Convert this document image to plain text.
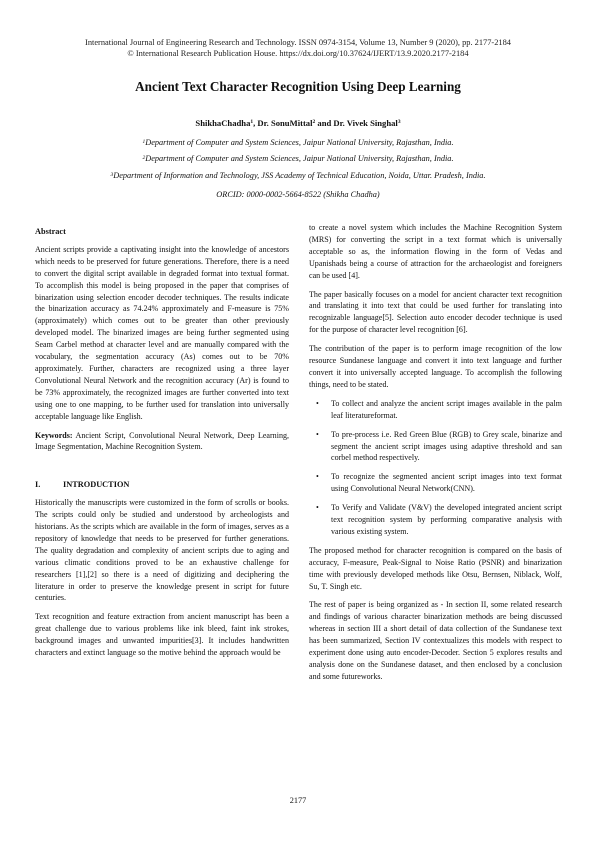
International Journal of Engineering Research and Technology. ISSN 0974-3154, Volume 13, Number 9 (2020), pp. 2177-2184
© International Research Publication House. https://dx.doi.org/10.37624/IJERT/13.9.2020.2177-2184
Ancient Text Character Recognition Using Deep Learning
ShikhaChadha$^1$, Dr. SonuMittal$^2$ and Dr. Vivek Singhal$^3$
$^1$Department of Computer and System Sciences, Jaipur National University, Rajasthan, India.
$^2$Department of Computer and System Sciences, Jaipur National University, Rajasthan, India.
$^3$Department of Information and Technology, JSS Academy of Technical Education, Noida, Uttar. Pradesh, India.
ORCID: 0000-0002-5664-8522 (Shikha Chadha)
Abstract

Ancient scripts provide a captivating insight into the knowledge of ancestors which needs to be preserved for future generations. Therefore, there is a need to convert the digital script available in degraded format into textual format. To accomplish this model is being proposed in the paper that comprises of binarization using selection encoder decoder techniques. The results indicate the binarization accuracy as 74.24% approximately and F-measure is 75% (approximately) which comes out to be greater than other previously developed model. The binarized images are being further segmented using Seam Carbel method at character level and are manually compared with the vocabulary, the segmentation accuracy (As) comes out to be 70% approximately. Further, characters are recognized using a three layer Convolutional Neural Network and the recognition accuracy (Ar) is found to be 73% approximately, the recognized images are further converted into text using one to one mapping, to be further used for translation into universally acceptable language like English.

Keywords: Ancient Script, Convolutional Neural Network, Deep Learning, Image Segmentation, Machine Recognition System.

I.	INTRODUCTION

Historically the manuscripts were customized in the form of scrolls or books. The scripts could only be studied and understood by archeologists and historians. As the scripts which are available in the form of images, serves as a repository of knowledge that needs to be preserved for further generations. The quality degradation and complexity of ancient scripts due to aging and various climatic conditions proved to be an exhaustive challenge for researchers [1],[2] so there is a need of digitizing and deciphering the literature in order to preserve the knowledge present in script for future centuries.

Text recognition and feature extraction from ancient manuscript has been a great challenge due to various problems like ink bleed, faint ink strokes, background images and unwanted impurities[3]. It includes handwritten characters and extinct language so the motive behind the approach would be

to create a novel system which includes the Machine Recognition System (MRS) for converting the script in a text format which is universally acceptable so as, the information flowing in the form of Vedas and Upanishads being a course of attraction for the archaeologist and foreigners can be used [4].

The paper basically focuses on a model for ancient character text recognition and translating it into text that could be used further for translating into recognizable language[5]. Selection auto encoder decoder technique is used for the purpose of character level recognition [6].

The contribution of the paper is to perform image recognition of the low resource Sundanese language and convert it into text language and further convert it into universally accepted language. To accomplish the following things, need to be stated.

• To collect and analyze the ancient script images available in the palm leaf literatureformat.
• To pre-process i.e. Red Green Blue (RGB) to Grey scale, binarize and segment the ancient script images using adaptive threshold and san corbel method respectively.
• To recognize the segmented ancient script images into text format using Convolutional Neural Network(CNN).
• To Verify and Validate (V&V) the developed integrated ancient script text recognition system by performing comparative analysis with various existing system.

The proposed method for character recognition is compared on the basis of accuracy, F-measure, Peak-Signal to Noise Ratio (PSNR) and binarization time with previously developed methods like Otsu, Bernsen, Niblack, Wolf, Su, T. Singh etc.

The rest of paper is being organized as - In section II, some related research and findings of various character binarization methods are being discussed whereas in section III a short detail of data collection of the Sundanese text has been summarized, Section IV contextualizes this models with respect to experiment done using auto encoder-Decoder. Section 5 explores results and analysis done on the Sundanese dataset, and then enclosed by a conclusion and some futureworks.

2177
